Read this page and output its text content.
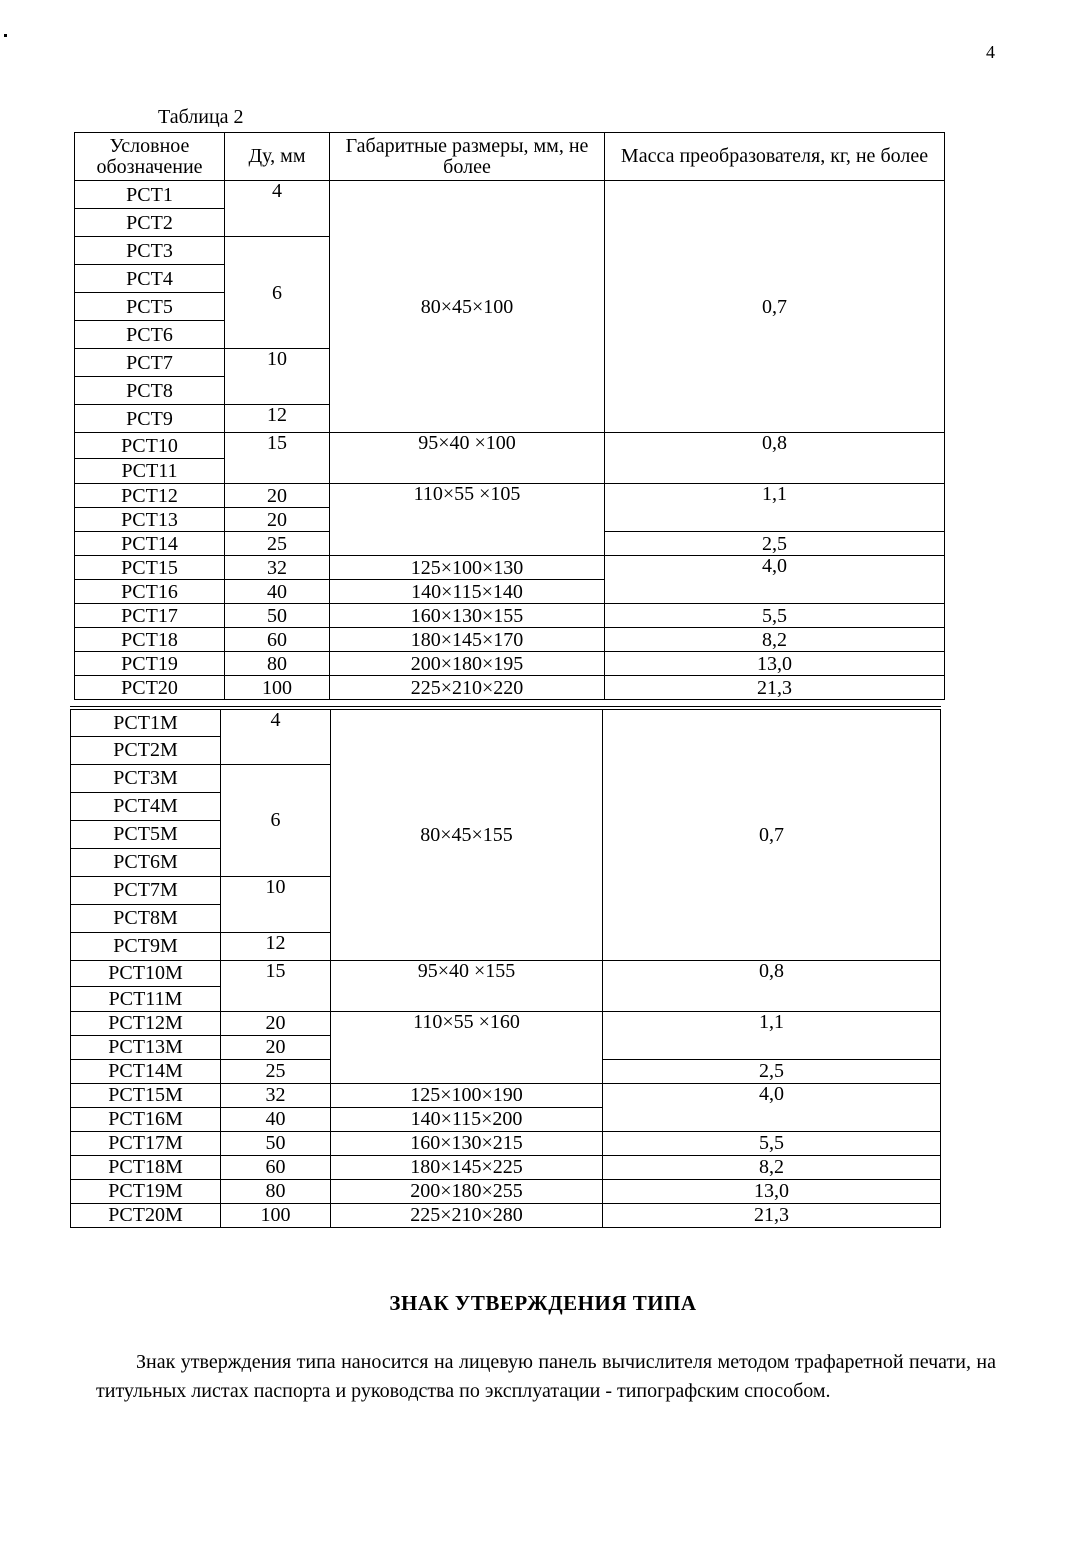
4
Таблица 2
Условное обозначение	Ду, мм	Габаритные размеры, мм, не более	Масса преобразователя, кг, не более
PCT1	4	80×45×100	0,7
PCT2			
PCT3	6		
PCT4			
PCT5			
PCT6			
PCT7	10		
PCT8			
PCT9	12		
PCT10	15	95×40 ×100	0,8
PCT11			
PCT12	20	110×55 ×105	1,1
PCT13	20		
PCT14	25		2,5
PCT15	32	125×100×130	4,0
PCT16	40	140×115×140	
PCT17	50	160×130×155	5,5
PCT18	60	180×145×170	8,2
PCT19	80	200×180×195	13,0
PCT20	100	225×210×220	21,3
PCT1M	4	80×45×155	0,7
PCT2M			
PCT3M	6		
PCT4M			
PCT5M			
PCT6M			
PCT7M	10		
PCT8M			
PCT9M	12		
PCT10M	15	95×40 ×155	0,8
PCT11M			
PCT12M	20	110×55 ×160	1,1
PCT13M	20		
PCT14M	25		2,5
PCT15M	32	125×100×190	4,0
PCT16M	40	140×115×200	
PCT17M	50	160×130×215	5,5
PCT18M	60	180×145×225	8,2
PCT19M	80	200×180×255	13,0
PCT20M	100	225×210×280	21,3
ЗНАК УТВЕРЖДЕНИЯ ТИПА
Знак утверждения типа наносится на лицевую панель вычислителя методом трафаретной печати, на титульных листах паспорта и руководства по эксплуатации - типографским способом.
